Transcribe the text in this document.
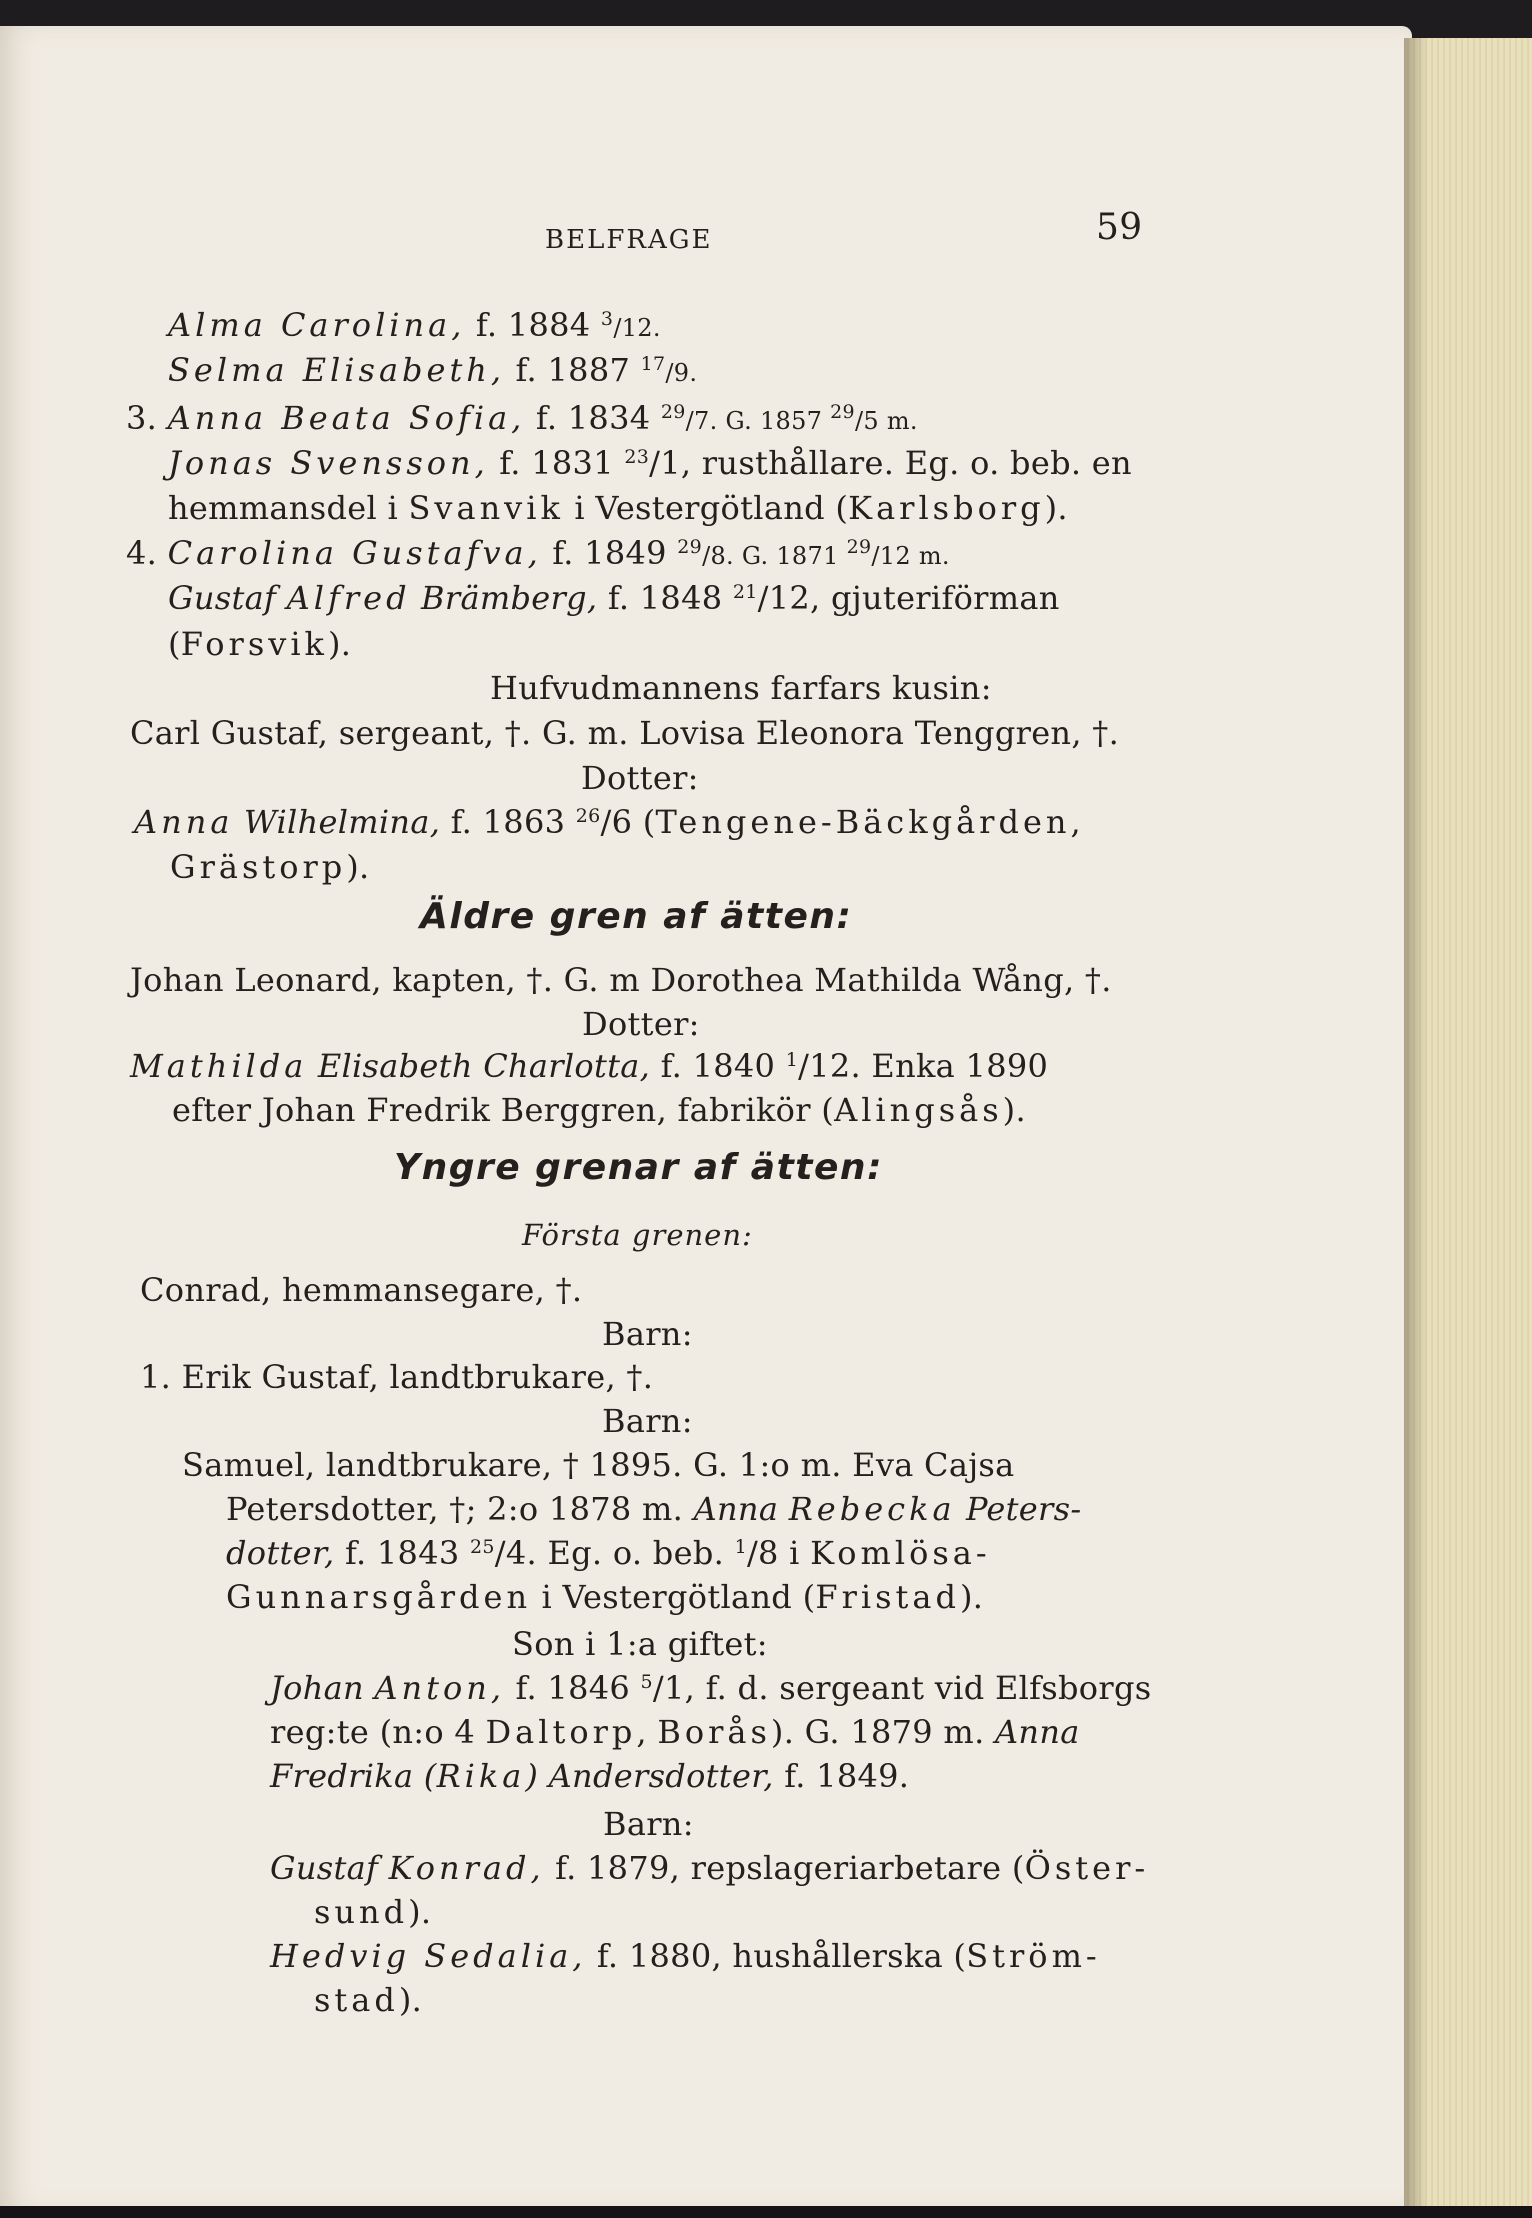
BELFRAGE	59
Alma Carolina, f. 1884 $^3$/12.
Selma Elisabeth, f. 1887 $^{17}$/9.
3. Anna Beata Sofia, f. 1834 $^{29}$/7. G. 1857 $^{29}$/5 m.
Jonas Svensson, f. 1831 $^{23}$/1, rusthållare. Eg. o. beb. en
hemmansdel i Svanvik i Vestergötland (Karlsborg).
4. Carolina Gustafva, f. 1849 $^{29}$/8. G. 1871 $^{29}$/12 m.
Gustaf Alfred Brämberg, f. 1848 $^{21}$/12, gjuteriförman
(Forsvik).
Hufvudmannens farfars kusin:
Carl Gustaf, sergeant, †. G. m. Lovisa Eleonora Tenggren, †.
Dotter:
Anna Wilhelmina, f. 1863 $^{26}$/6 (Tengene-Bäckgården,
Grästorp).
Äldre gren af ätten:
Johan Leonard, kapten, †. G. m Dorothea Mathilda Wång, †.
Dotter:
Mathilda Elisabeth Charlotta, f. 1840 $^1$/12. Enka 1890
efter Johan Fredrik Berggren, fabrikör (Alingsås).
Yngre grenar af ätten:
Första grenen:
Conrad, hemmansegare, †.
Barn:
1. Erik Gustaf, landtbrukare, †.
Barn:
Samuel, landtbrukare, † 1895. G. 1:o m. Eva Cajsa
Petersdotter, †; 2:o 1878 m. Anna Rebecka Peters-
dotter, f. 1843 $^{25}$/4. Eg. o. beb. $^1$/8 i Komlösa-
Gunnarsgården i Vestergötland (Fristad).
Son i 1:a giftet:
Johan Anton, f. 1846 $^5$/1, f. d. sergeant vid Elfsborgs
reg:te (n:o 4 Daltorp, Borås). G. 1879 m. Anna
Fredrika (Rika) Andersdotter, f. 1849.
Barn:
Gustaf Konrad, f. 1879, repslageriarbetare (Öster-
sund).
Hedvig Sedalia, f. 1880, hushållerska (Ström-
stad).
